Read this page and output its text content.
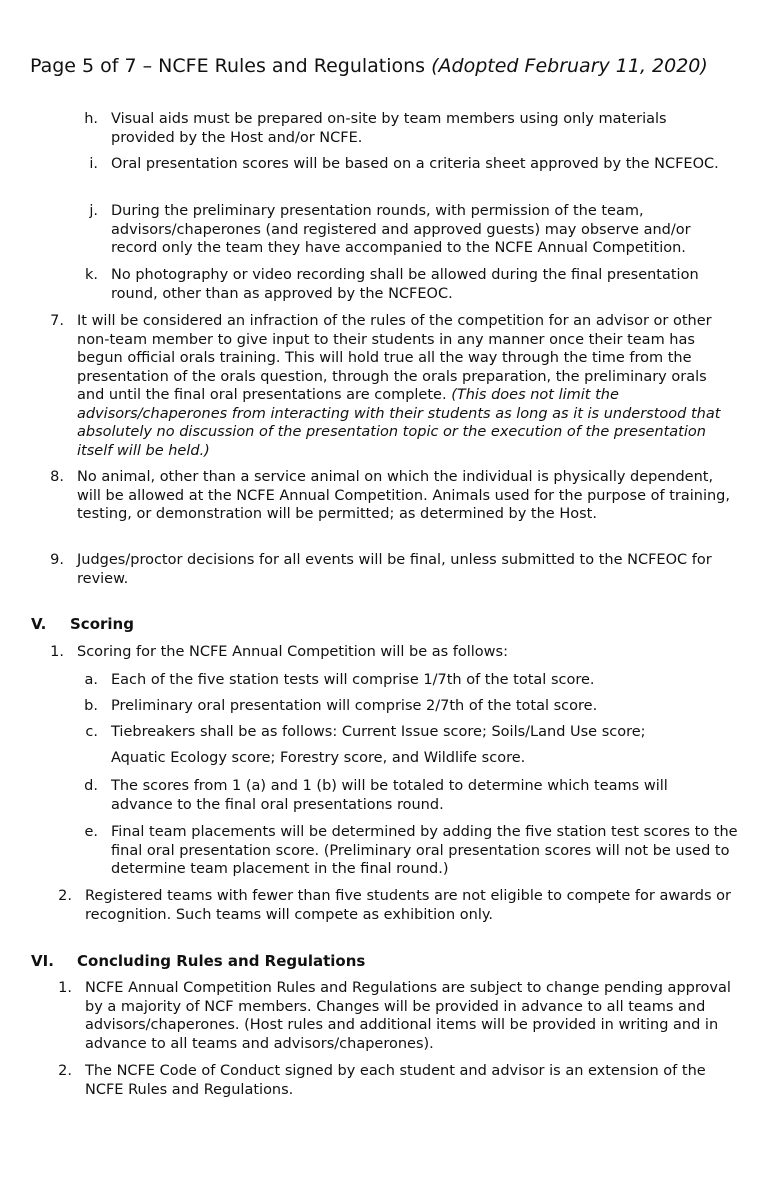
Page 5 of 7 – NCFE Rules and Regulations (Adopted February 11, 2020)
h. Visual aids must be prepared on-site by team members using only materials provided by the Host and/or NCFE.
i. Oral presentation scores will be based on a criteria sheet approved by the NCFEOC.
j. During the preliminary presentation rounds, with permission of the team, advisors/chaperones (and registered and approved guests) may observe and/or record only the team they have accompanied to the NCFE Annual Competition.
k. No photography or video recording shall be allowed during the final presentation round, other than as approved by the NCFEOC.
7. It will be considered an infraction of the rules of the competition for an advisor or other non-team member to give input to their students in any manner once their team has begun official orals training. This will hold true all the way through the time from the presentation of the orals question, through the orals preparation, the preliminary orals and until the final oral presentations are complete. (This does not limit the advisors/chaperones from interacting with their students as long as it is understood that absolutely no discussion of the presentation topic or the execution of the presentation itself will be held.)
8. No animal, other than a service animal on which the individual is physically dependent, will be allowed at the NCFE Annual Competition. Animals used for the purpose of training, testing, or demonstration will be permitted; as determined by the Host.
9. Judges/proctor decisions for all events will be final, unless submitted to the NCFEOC for review.
V. Scoring
1. Scoring for the NCFE Annual Competition will be as follows:
a. Each of the five station tests will comprise 1/7th of the total score.
b. Preliminary oral presentation will comprise 2/7th of the total score.
c. Tiebreakers shall be as follows: Current Issue score; Soils/Land Use score;
Aquatic Ecology score; Forestry score, and Wildlife score.
d. The scores from 1 (a) and 1 (b) will be totaled to determine which teams will advance to the final oral presentations round.
e. Final team placements will be determined by adding the five station test scores to the final oral presentation score. (Preliminary oral presentation scores will not be used to determine team placement in the final round.)
2. Registered teams with fewer than five students are not eligible to compete for awards or recognition. Such teams will compete as exhibition only.
VI. Concluding Rules and Regulations
1. NCFE Annual Competition Rules and Regulations are subject to change pending approval by a majority of NCF members. Changes will be provided in advance to all teams and advisors/chaperones. (Host rules and additional items will be provided in writing and in advance to all teams and advisors/chaperones).
2. The NCFE Code of Conduct signed by each student and advisor is an extension of the NCFE Rules and Regulations.
